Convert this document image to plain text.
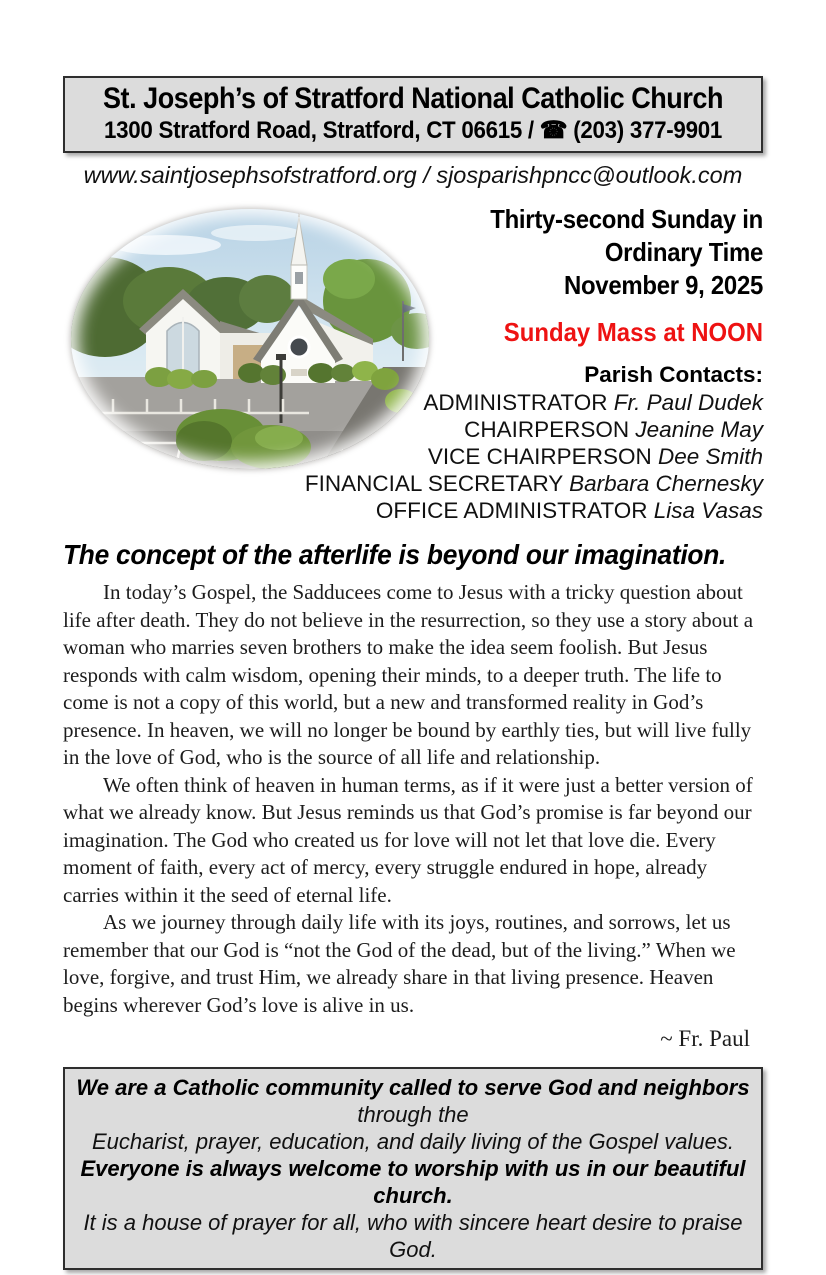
St. Joseph’s of Stratford National Catholic Church
1300 Stratford Road, Stratford, CT 06615 / ☎ (203) 377-9901
www.saintjosephsofstratford.org / sjosparishpncc@outlook.com
Thirty-second Sunday in
Ordinary Time
November 9, 2025
Sunday Mass at NOON
Parish Contacts:
ADMINISTRATOR Fr. Paul Dudek
CHAIRPERSON Jeanine May
VICE CHAIRPERSON Dee Smith
FINANCIAL SECRETARY Barbara Chernesky
OFFICE ADMINISTRATOR Lisa Vasas
The concept of the afterlife is beyond our imagination.

In today’s Gospel, the Sadducees come to Jesus with a tricky question about life after death. They do not believe in the resurrection, so they use a story about a woman who marries seven brothers to make the idea seem foolish. But Jesus responds with calm wisdom, opening their minds, to a deeper truth. The life to come is not a copy of this world, but a new and transformed reality in God’s presence. In heaven, we will no longer be bound by earthly ties, but will live fully in the love of God, who is the source of all life and relationship.

We often think of heaven in human terms, as if it were just a better version of what we already know. But Jesus reminds us that God’s promise is far beyond our imagination. The God who created us for love will not let that love die. Every moment of faith, every act of mercy, every struggle endured in hope, already carries within it the seed of eternal life.

As we journey through daily life with its joys, routines, and sorrows, let us remember that our God is “not the God of the dead, but of the living.” When we love, forgive, and trust Him, we already share in that living presence. Heaven begins wherever God’s love is alive in us.

~ Fr. Paul
We are a Catholic community called to serve God and neighbors through the
Eucharist, prayer, education, and daily living of the Gospel values.
Everyone is always welcome to worship with us in our beautiful church.
It is a house of prayer for all, who with sincere heart desire to praise God.
